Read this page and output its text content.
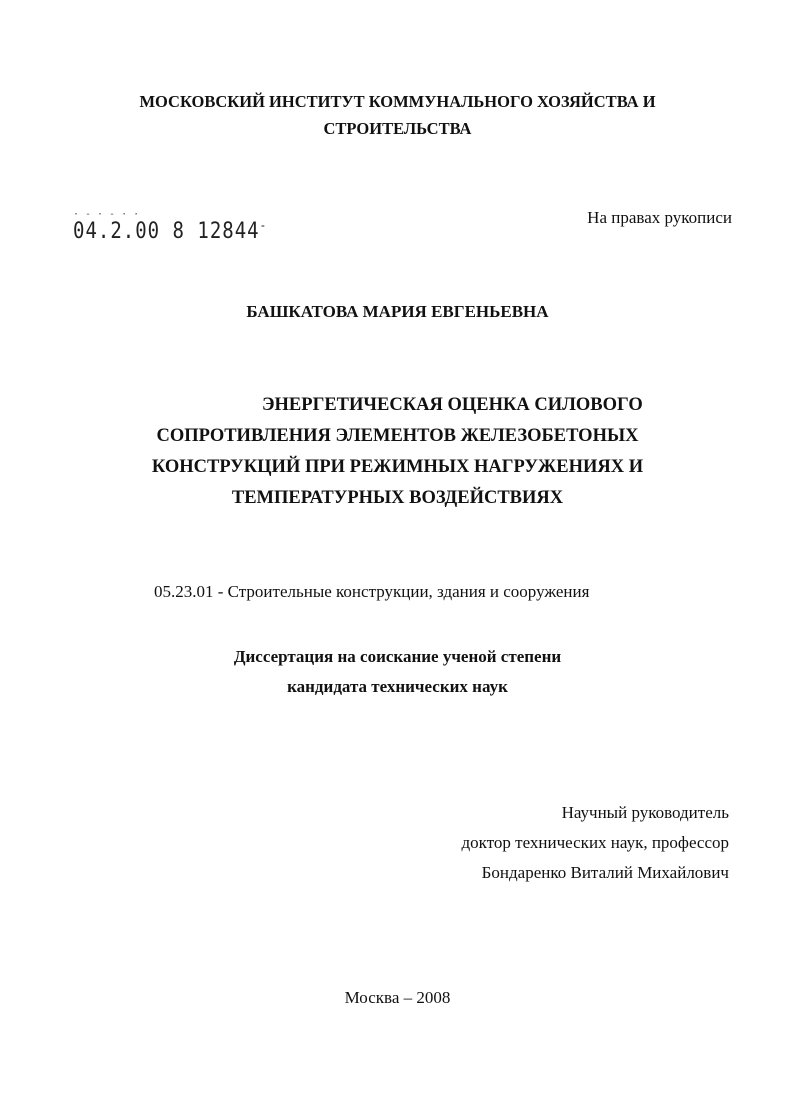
МОСКОВСКИЙ ИНСТИТУТ КОММУНАЛЬНОГО ХОЗЯЙСТВА И
СТРОИТЕЛЬСТВА
·-·-··
04.2.00 8 12844-	На правах рукописи
БАШКАТОВА МАРИЯ ЕВГЕНЬЕВНА
ЭНЕРГЕТИЧЕСКАЯ ОЦЕНКА СИЛОВОГО
СОПРОТИВЛЕНИЯ ЭЛЕМЕНТОВ ЖЕЛЕЗОБЕТОНЫХ
КОНСТРУКЦИЙ ПРИ РЕЖИМНЫХ НАГРУЖЕНИЯХ И
ТЕМПЕРАТУРНЫХ ВОЗДЕЙСТВИЯХ
05.23.01 - Строительные конструкции, здания и сооружения
Диссертация на соискание ученой степени
кандидата технических наук
Научный руководитель
доктор технических наук, профессор
Бондаренко Виталий Михайлович
Москва – 2008
